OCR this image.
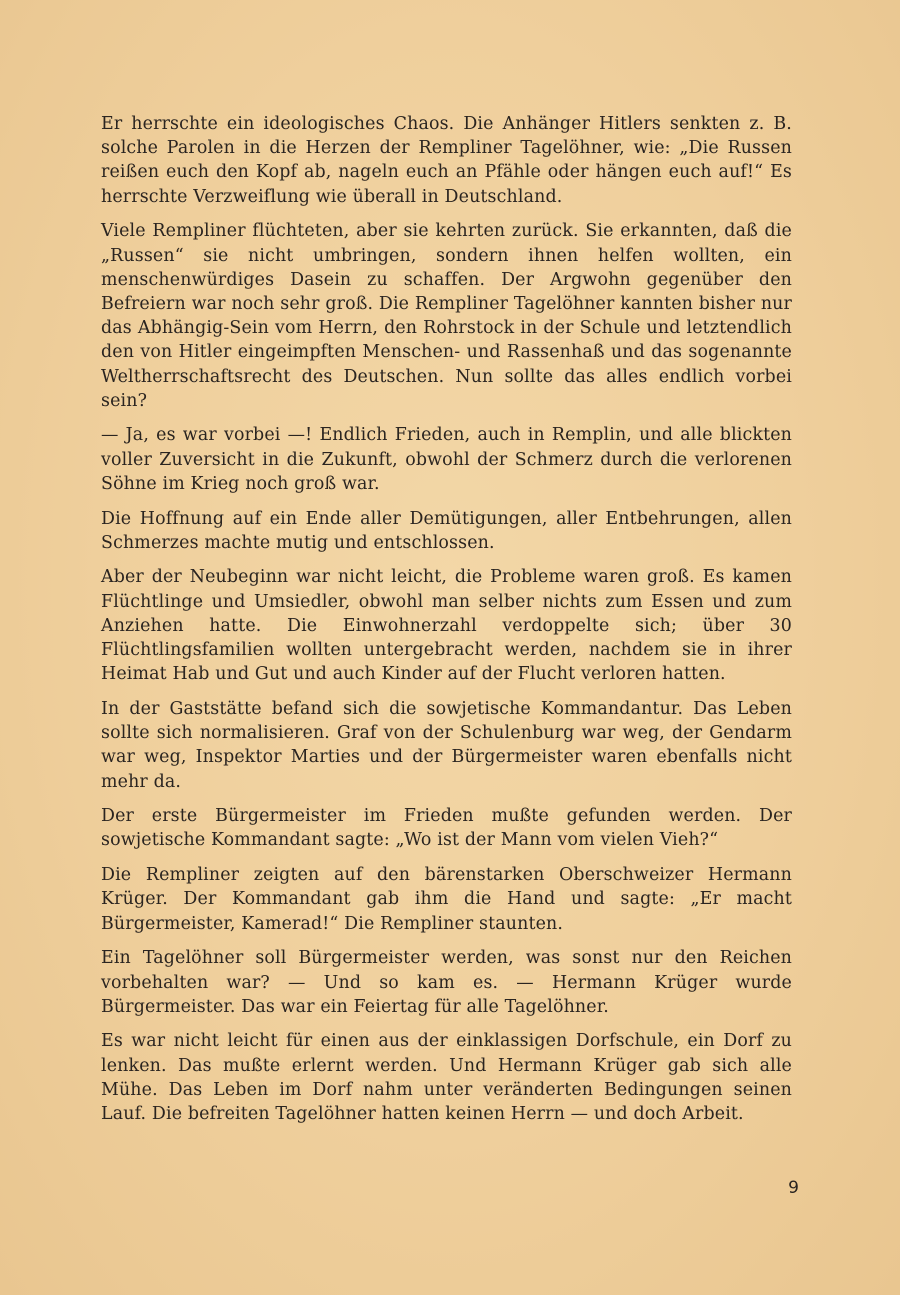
Er herrschte ein ideologisches Chaos. Die Anhänger Hitlers senkten z. B. solche Parolen in die Herzen der Rempliner Tagelöhner, wie: „Die Russen reißen euch den Kopf ab, nageln euch an Pfähle oder hängen euch auf!“ Es herrschte Verzweiflung wie überall in Deutschland.

Viele Rempliner flüchteten, aber sie kehrten zurück. Sie erkannten, daß die „Russen“ sie nicht umbringen, sondern ihnen helfen wollten, ein menschenwürdiges Dasein zu schaffen. Der Argwohn gegenüber den Befreiern war noch sehr groß. Die Rempliner Tagelöhner kannten bisher nur das Abhängig-Sein vom Herrn, den Rohrstock in der Schule und letztendlich den von Hitler eingeimpften Menschen- und Rassenhaß und das sogenannte Weltherrschaftsrecht des Deutschen. Nun sollte das alles endlich vorbei sein?

— Ja, es war vorbei —! Endlich Frieden, auch in Remplin, und alle blickten voller Zuversicht in die Zukunft, obwohl der Schmerz durch die verlorenen Söhne im Krieg noch groß war.

Die Hoffnung auf ein Ende aller Demütigungen, aller Entbehrungen, allen Schmerzes machte mutig und entschlossen.

Aber der Neubeginn war nicht leicht, die Probleme waren groß. Es kamen Flüchtlinge und Umsiedler, obwohl man selber nichts zum Essen und zum Anziehen hatte. Die Einwohnerzahl verdoppelte sich; über 30 Flüchtlingsfamilien wollten untergebracht werden, nachdem sie in ihrer Heimat Hab und Gut und auch Kinder auf der Flucht verloren hatten.

In der Gaststätte befand sich die sowjetische Kommandantur. Das Leben sollte sich normalisieren. Graf von der Schulenburg war weg, der Gendarm war weg, Inspektor Marties und der Bürgermeister waren ebenfalls nicht mehr da.

Der erste Bürgermeister im Frieden mußte gefunden werden. Der sowjetische Kommandant sagte: „Wo ist der Mann vom vielen Vieh?“

Die Rempliner zeigten auf den bärenstarken Oberschweizer Hermann Krüger. Der Kommandant gab ihm die Hand und sagte: „Er macht Bürgermeister, Kamerad!“ Die Rempliner staunten.

Ein Tagelöhner soll Bürgermeister werden, was sonst nur den Reichen vorbehalten war? — Und so kam es. — Hermann Krüger wurde Bürgermeister. Das war ein Feiertag für alle Tagelöhner.

Es war nicht leicht für einen aus der einklassigen Dorfschule, ein Dorf zu lenken. Das mußte erlernt werden. Und Hermann Krüger gab sich alle Mühe. Das Leben im Dorf nahm unter veränderten Bedingungen seinen Lauf. Die befreiten Tagelöhner hatten keinen Herrn — und doch Arbeit.

9
